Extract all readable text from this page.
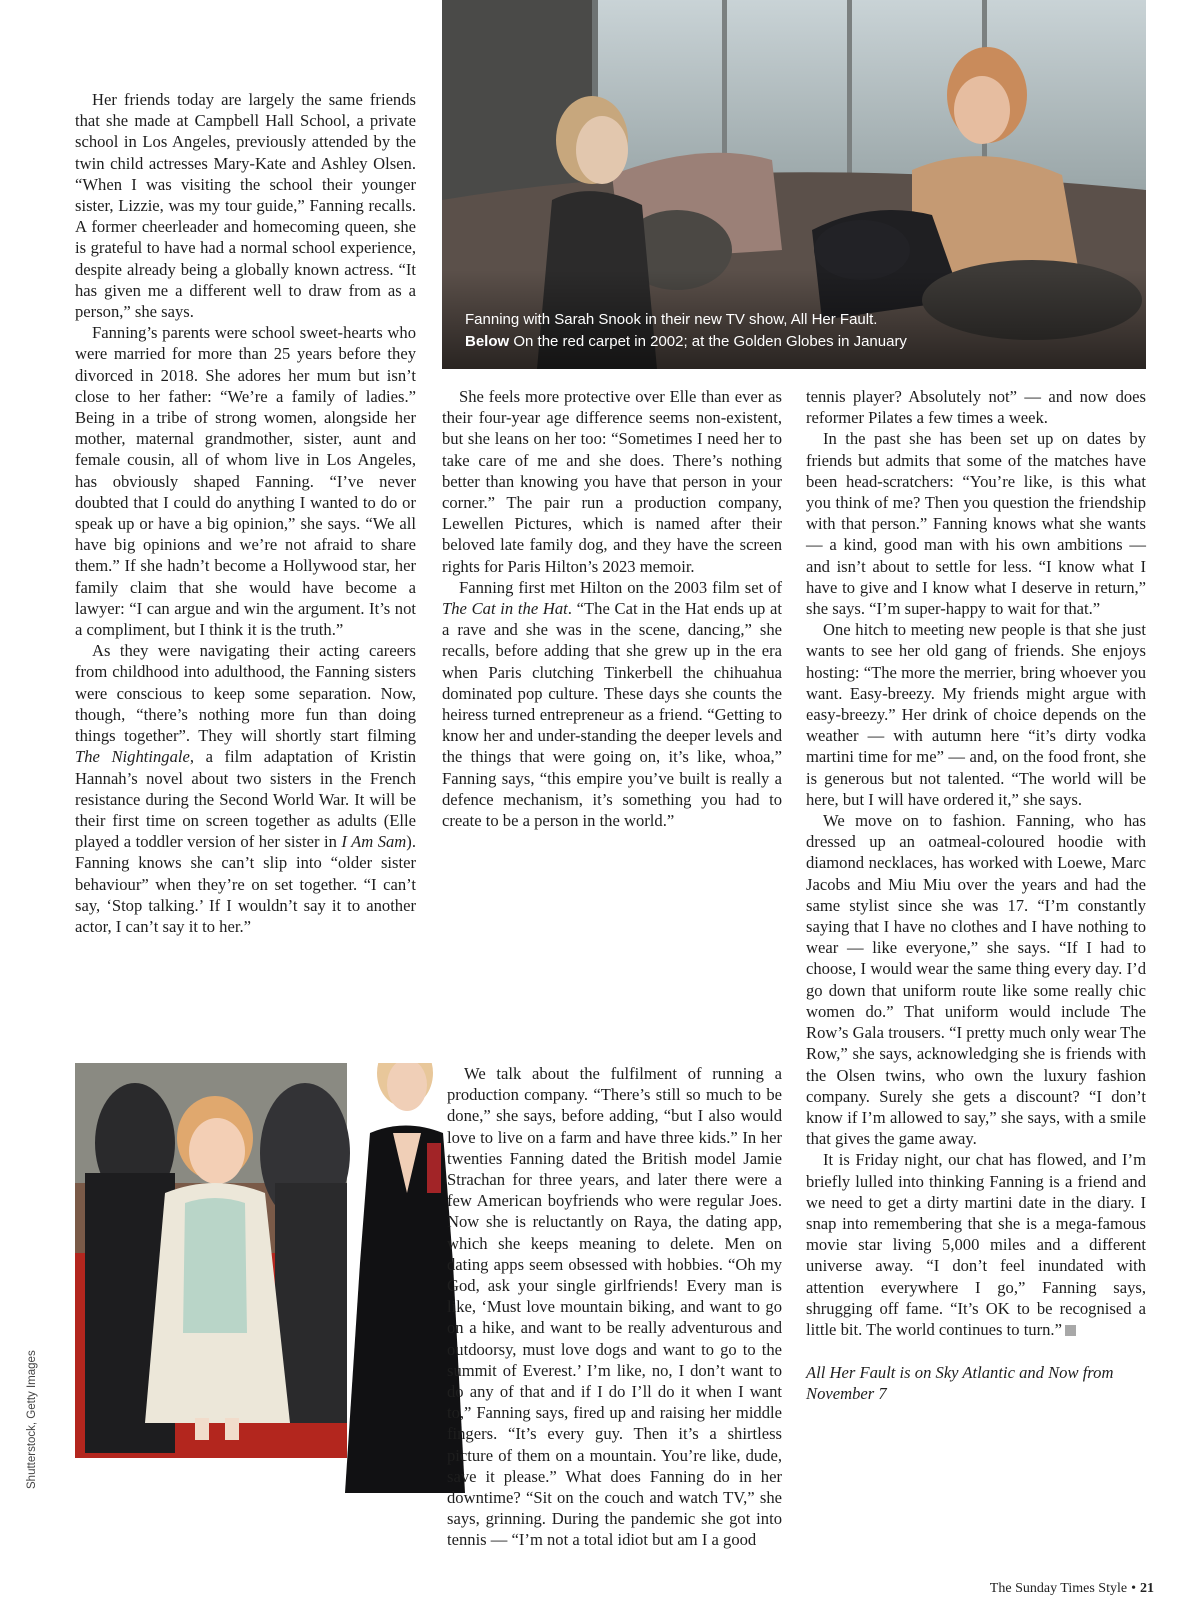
Fanning with Sarah Snook in their new TV show, All Her Fault.
Below On the red carpet in 2002; at the Golden Globes in January

Her friends today are largely the same friends that she made at Campbell Hall School, a private school in Los Angeles, previously attended by the twin child actresses Mary-Kate and Ashley Olsen. “When I was visiting the school their younger sister, Lizzie, was my tour guide,” Fanning recalls. A former cheerleader and homecoming queen, she is grateful to have had a normal school experience, despite already being a globally known actress. “It has given me a different well to draw from as a person,” she says.

Fanning’s parents were school sweet-hearts who were married for more than 25 years before they divorced in 2018. She adores her mum but isn’t close to her father: “We’re a family of ladies.” Being in a tribe of strong women, alongside her mother, maternal grandmother, sister, aunt and female cousin, all of whom live in Los Angeles, has obviously shaped Fanning. “I’ve never doubted that I could do anything I wanted to do or speak up or have a big opinion,” she says. “We all have big opinions and we’re not afraid to share them.” If she hadn’t become a Hollywood star, her family claim that she would have become a lawyer: “I can argue and win the argument. It’s not a compliment, but I think it is the truth.”

As they were navigating their acting careers from childhood into adulthood, the Fanning sisters were conscious to keep some separation. Now, though, “there’s nothing more fun than doing things together”. They will shortly start filming The Nightingale, a film adaptation of Kristin Hannah’s novel about two sisters in the French resistance during the Second World War. It will be their first time on screen together as adults (Elle played a toddler version of her sister in I Am Sam). Fanning knows she can’t slip into “older sister behaviour” when they’re on set together. “I can’t say, ‘Stop talking.’ If I wouldn’t say it to another actor, I can’t say it to her.”

She feels more protective over Elle than ever as their four-year age difference seems non-existent, but she leans on her too: “Sometimes I need her to take care of me and she does. There’s nothing better than knowing you have that person in your corner.” The pair run a production company, Lewellen Pictures, which is named after their beloved late family dog, and they have the screen rights for Paris Hilton’s 2023 memoir.

Fanning first met Hilton on the 2003 film set of The Cat in the Hat. “The Cat in the Hat ends up at a rave and she was in the scene, dancing,” she recalls, before adding that she grew up in the era when Paris clutching Tinkerbell the chihuahua dominated pop culture. These days she counts the heiress turned entrepreneur as a friend. “Getting to know her and under-standing the deeper levels and the things that were going on, it’s like, whoa,” Fanning says, “this empire you’ve built is really a defence mechanism, it’s something you had to create to be a person in the world.”

We talk about the fulfilment of running a production company. “There’s still so much to be done,” she says, before adding, “but I also would love to live on a farm and have three kids.” In her twenties Fanning dated the British model Jamie Strachan for three years, and later there were a few American boyfriends who were regular Joes. Now she is reluctantly on Raya, the dating app, which she keeps meaning to delete. Men on dating apps seem obsessed with hobbies. “Oh my God, ask your single girlfriends! Every man is like, ‘Must love mountain biking, and want to go on a hike, and want to be really adventurous and outdoorsy, must love dogs and want to go to the summit of Everest.’ I’m like, no, I don’t want to do any of that and if I do I’ll do it when I want to,” Fanning says, fired up and raising her middle fingers. “It’s every guy. Then it’s a shirtless picture of them on a mountain. You’re like, dude, save it please.” What does Fanning do in her downtime? “Sit on the couch and watch TV,” she says, grinning. During the pandemic she got into tennis — “I’m not a total idiot but am I a good

tennis player? Absolutely not” — and now does reformer Pilates a few times a week.

In the past she has been set up on dates by friends but admits that some of the matches have been head-scratchers: “You’re like, is this what you think of me? Then you question the friendship with that person.” Fanning knows what she wants — a kind, good man with his own ambitions — and isn’t about to settle for less. “I know what I have to give and I know what I deserve in return,” she says. “I’m super-happy to wait for that.”

One hitch to meeting new people is that she just wants to see her old gang of friends. She enjoys hosting: “The more the merrier, bring whoever you want. Easy-breezy. My friends might argue with easy-breezy.” Her drink of choice depends on the weather — with autumn here “it’s dirty vodka martini time for me” — and, on the food front, she is generous but not talented. “The world will be here, but I will have ordered it,” she says.

We move on to fashion. Fanning, who has dressed up an oatmeal-coloured hoodie with diamond necklaces, has worked with Loewe, Marc Jacobs and Miu Miu over the years and had the same stylist since she was 17. “I’m constantly saying that I have no clothes and I have nothing to wear — like everyone,” she says. “If I had to choose, I would wear the same thing every day. I’d go down that uniform route like some really chic women do.” That uniform would include The Row’s Gala trousers. “I pretty much only wear The Row,” she says, acknowledging she is friends with the Olsen twins, who own the luxury fashion company. Surely she gets a discount? “I don’t know if I’m allowed to say,” she says, with a smile that gives the game away.

It is Friday night, our chat has flowed, and I’m briefly lulled into thinking Fanning is a friend and we need to get a dirty martini date in the diary. I snap into remembering that she is a mega-famous movie star living 5,000 miles and a different universe away. “I don’t feel inundated with attention everywhere I go,” Fanning says, shrugging off fame. “It’s OK to be recognised a little bit. The world continues to turn.”

All Her Fault is on Sky Atlantic and Now from November 7

Shutterstock, Getty Images
The Sunday Times Style • 21
